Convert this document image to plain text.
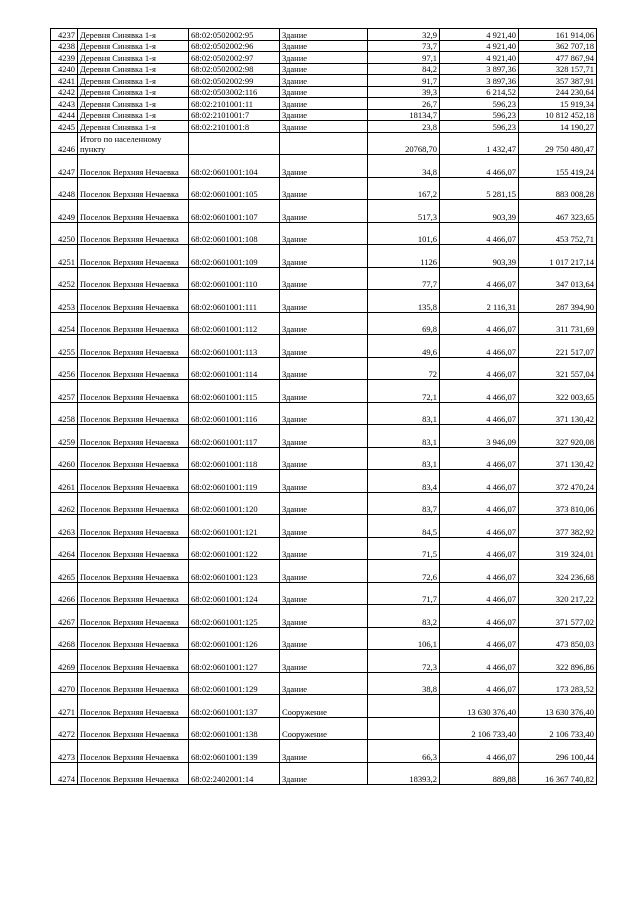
4237	Деревня Синявка 1-я	68:02:0502002:95	Здание	32,9	4 921,40	161 914,06
4238	Деревня Синявка 1-я	68:02:0502002:96	Здание	73,7	4 921,40	362 707,18
4239	Деревня Синявка 1-я	68:02:0502002:97	Здание	97,1	4 921,40	477 867,94
4240	Деревня Синявка 1-я	68:02:0502002:98	Здание	84,2	3 897,36	328 157,71
4241	Деревня Синявка 1-я	68:02:0502002:99	Здание	91,7	3 897,36	357 387,91
4242	Деревня Синявка 1-я	68:02:0503002:116	Здание	39,3	6 214,52	244 230,64
4243	Деревня Синявка 1-я	68:02:2101001:11	Здание	26,7	596,23	15 919,34
4244	Деревня Синявка 1-я	68:02:2101001:7	Здание	18134,7	596,23	10 812 452,18
4245	Деревня Синявка 1-я	68:02:2101001:8	Здание	23,8	596,23	14 190,27
4246	Итого по населенному пункту			20768,70	1 432,47	29 750 480,47
4247	Поселок Верхняя Нечаевка	68:02:0601001:104	Здание	34,8	4 466,07	155 419,24
4248	Поселок Верхняя Нечаевка	68:02:0601001:105	Здание	167,2	5 281,15	883 008,28
4249	Поселок Верхняя Нечаевка	68:02:0601001:107	Здание	517,3	903,39	467 323,65
4250	Поселок Верхняя Нечаевка	68:02:0601001:108	Здание	101,6	4 466,07	453 752,71
4251	Поселок Верхняя Нечаевка	68:02:0601001:109	Здание	1126	903,39	1 017 217,14
4252	Поселок Верхняя Нечаевка	68:02:0601001:110	Здание	77,7	4 466,07	347 013,64
4253	Поселок Верхняя Нечаевка	68:02:0601001:111	Здание	135,8	2 116,31	287 394,90
4254	Поселок Верхняя Нечаевка	68:02:0601001:112	Здание	69,8	4 466,07	311 731,69
4255	Поселок Верхняя Нечаевка	68:02:0601001:113	Здание	49,6	4 466,07	221 517,07
4256	Поселок Верхняя Нечаевка	68:02:0601001:114	Здание	72	4 466,07	321 557,04
4257	Поселок Верхняя Нечаевка	68:02:0601001:115	Здание	72,1	4 466,07	322 003,65
4258	Поселок Верхняя Нечаевка	68:02:0601001:116	Здание	83,1	4 466,07	371 130,42
4259	Поселок Верхняя Нечаевка	68:02:0601001:117	Здание	83,1	3 946,09	327 920,08
4260	Поселок Верхняя Нечаевка	68:02:0601001:118	Здание	83,1	4 466,07	371 130,42
4261	Поселок Верхняя Нечаевка	68:02:0601001:119	Здание	83,4	4 466,07	372 470,24
4262	Поселок Верхняя Нечаевка	68:02:0601001:120	Здание	83,7	4 466,07	373 810,06
4263	Поселок Верхняя Нечаевка	68:02:0601001:121	Здание	84,5	4 466,07	377 382,92
4264	Поселок Верхняя Нечаевка	68:02:0601001:122	Здание	71,5	4 466,07	319 324,01
4265	Поселок Верхняя Нечаевка	68:02:0601001:123	Здание	72,6	4 466,07	324 236,68
4266	Поселок Верхняя Нечаевка	68:02:0601001:124	Здание	71,7	4 466,07	320 217,22
4267	Поселок Верхняя Нечаевка	68:02:0601001:125	Здание	83,2	4 466,07	371 577,02
4268	Поселок Верхняя Нечаевка	68:02:0601001:126	Здание	106,1	4 466,07	473 850,03
4269	Поселок Верхняя Нечаевка	68:02:0601001:127	Здание	72,3	4 466,07	322 896,86
4270	Поселок Верхняя Нечаевка	68:02:0601001:129	Здание	38,8	4 466,07	173 283,52
4271	Поселок Верхняя Нечаевка	68:02:0601001:137	Сооружение		13 630 376,40	13 630 376,40
4272	Поселок Верхняя Нечаевка	68:02:0601001:138	Сооружение		2 106 733,40	2 106 733,40
4273	Поселок Верхняя Нечаевка	68:02:0601001:139	Здание	66,3	4 466,07	296 100,44
4274	Поселок Верхняя Нечаевка	68:02:2402001:14	Здание	18393,2	889,88	16 367 740,82
